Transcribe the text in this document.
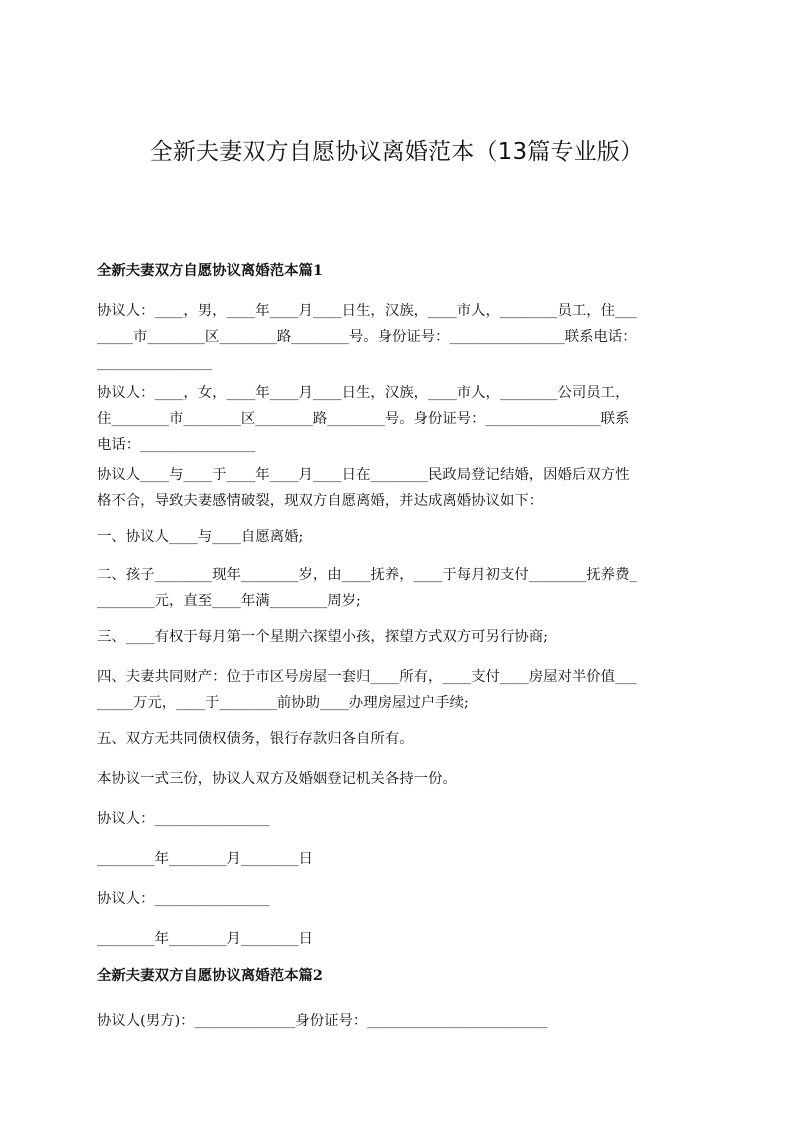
全新夫妻双方自愿协议离婚范本（13篇专业版）
全新夫妻双方自愿协议离婚范本篇1
协议人：____，男，____年____月____日生，汉族，____市人，________员工，住___
_____市________区________路________号。身份证号：________________联系电话：
________________
协议人：____，女，____年____月____日生，汉族，____市人，________公司员工，
住________市________区________路________号。身份证号：________________联系
电话：________________
协议人____与____于____年____月____日在________民政局登记结婚，因婚后双方性
格不合，导致夫妻感情破裂，现双方自愿离婚，并达成离婚协议如下：
一、协议人____与____自愿离婚;
二、孩子________现年________岁，由____抚养，____于每月初支付________抚养费_
________元，直至____年满________周岁;
三、____有权于每月第一个星期六探望小孩，探望方式双方可另行协商;
四、夫妻共同财产：位于市区号房屋一套归____所有，____支付____房屋对半价值___
_____万元，____于________前协助____办理房屋过户手续;
五、双方无共同债权债务，银行存款归各自所有。
本协议一式三份，协议人双方及婚姻登记机关各持一份。
协议人：________________
________年________月________日
协议人：________________
________年________月________日
全新夫妻双方自愿协议离婚范本篇2
协议人(男方)：______________身份证号：_________________________
